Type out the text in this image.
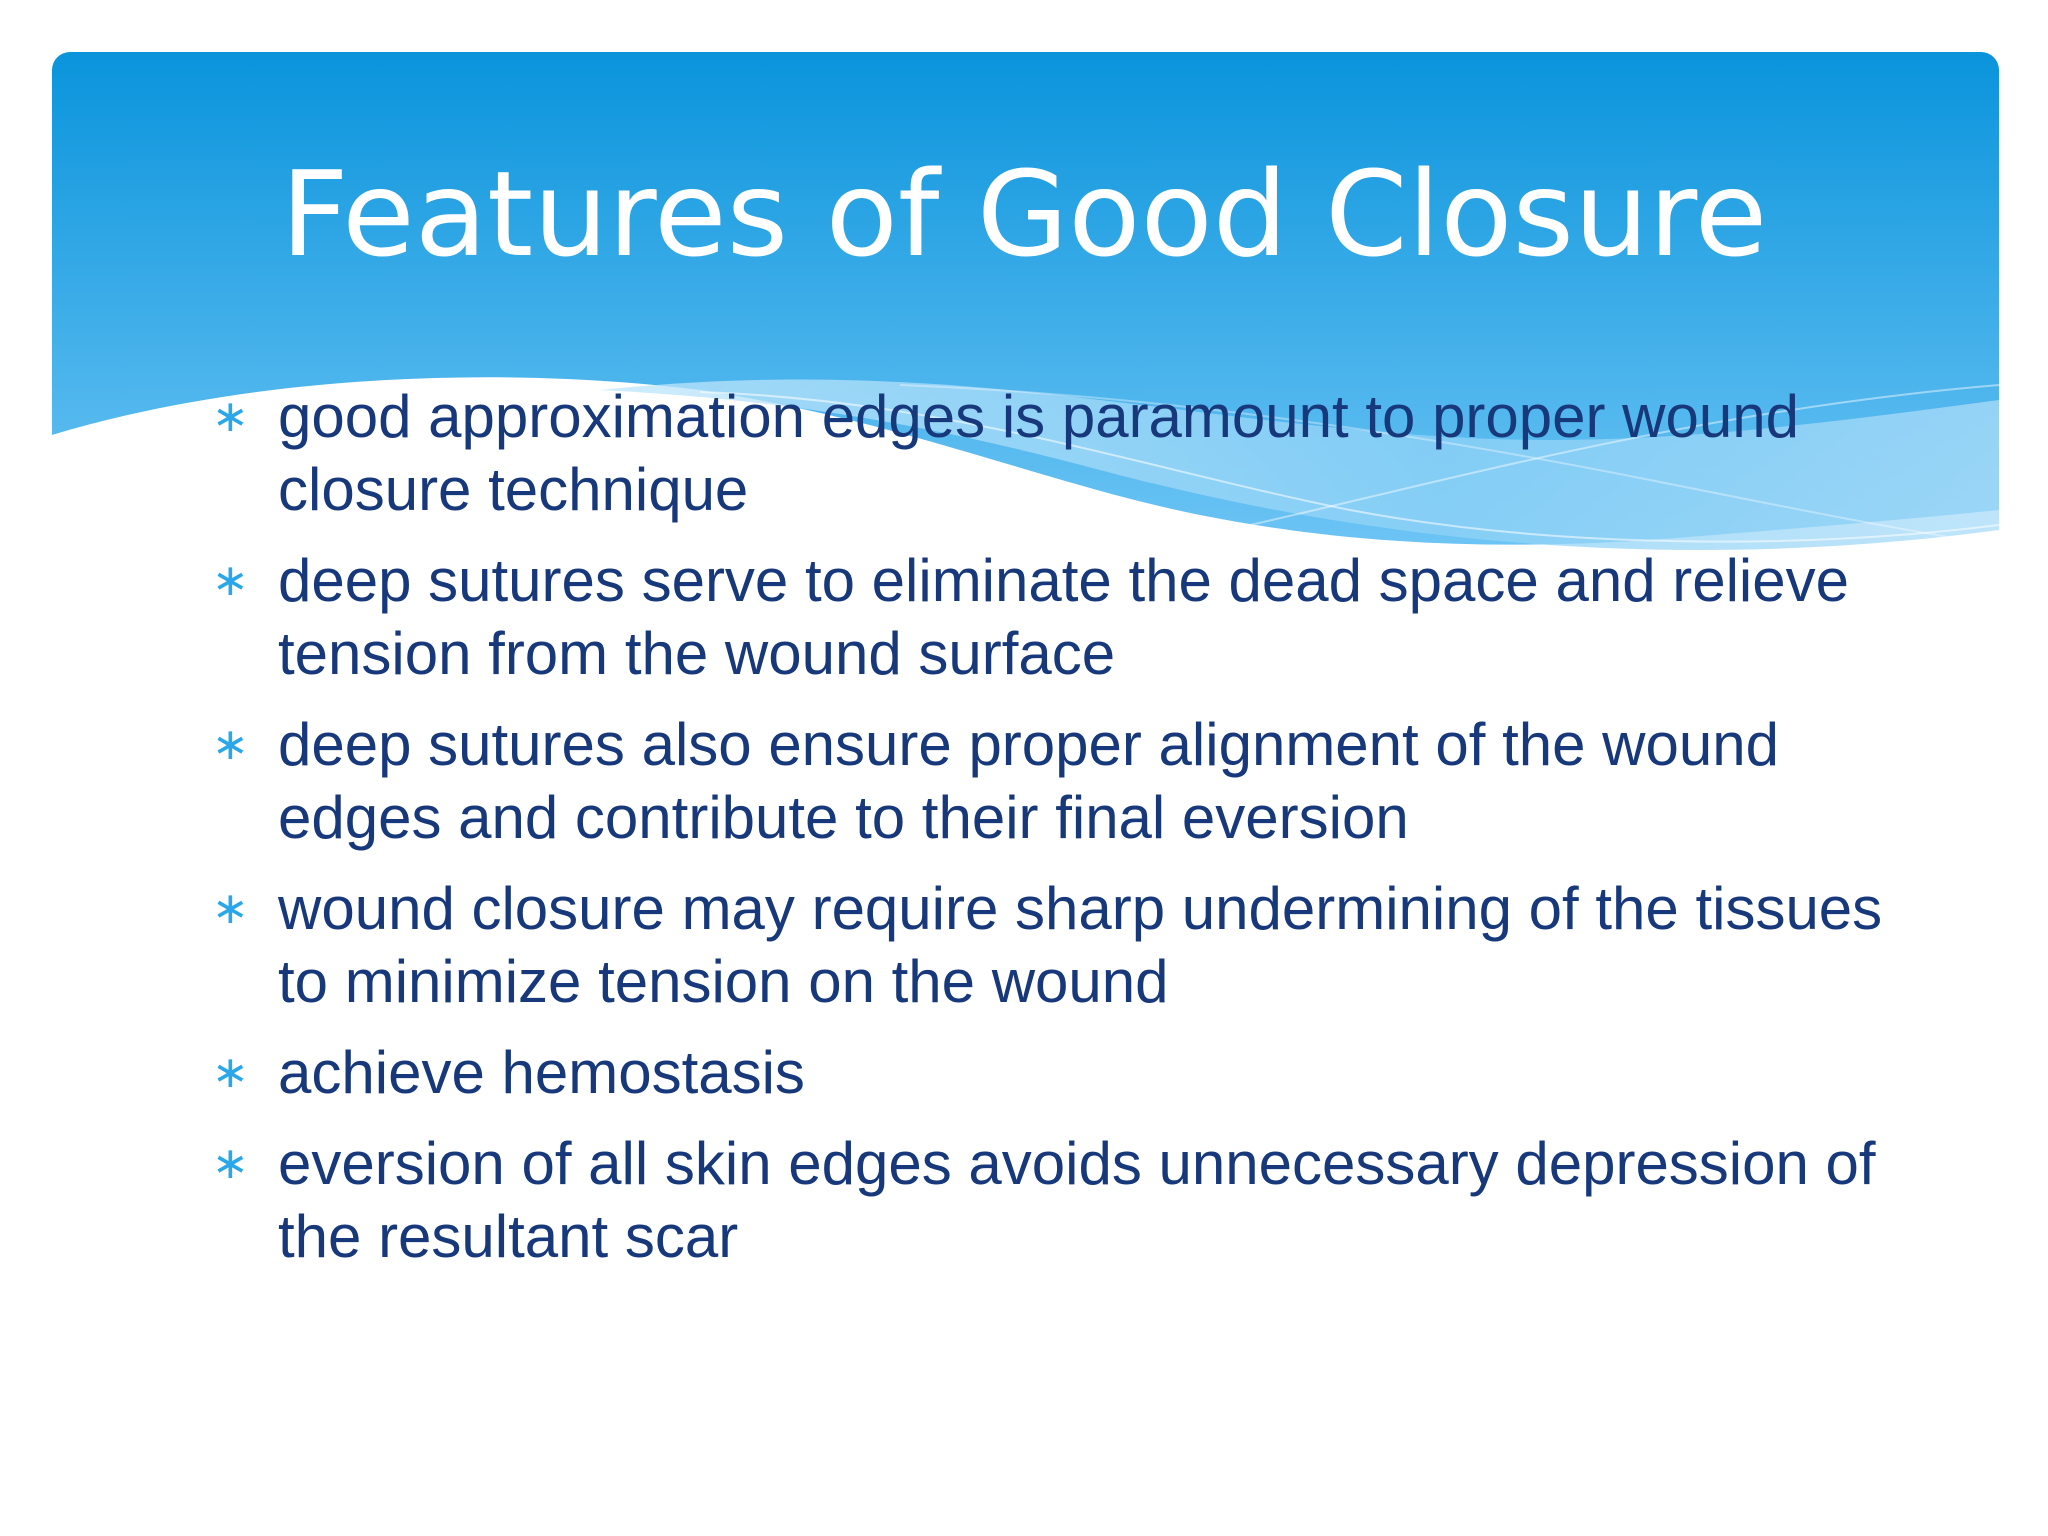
Features of Good Closure
∗ good approximation edges is paramount to proper wound closure technique
∗ deep sutures serve to eliminate the dead space and relieve tension from the wound surface
∗ deep sutures also ensure proper alignment of the wound edges and contribute to their final eversion
∗ wound closure may require sharp undermining of the tissues to minimize tension on the wound
∗ achieve hemostasis
∗ eversion of all skin edges avoids unnecessary depression of the resultant scar
